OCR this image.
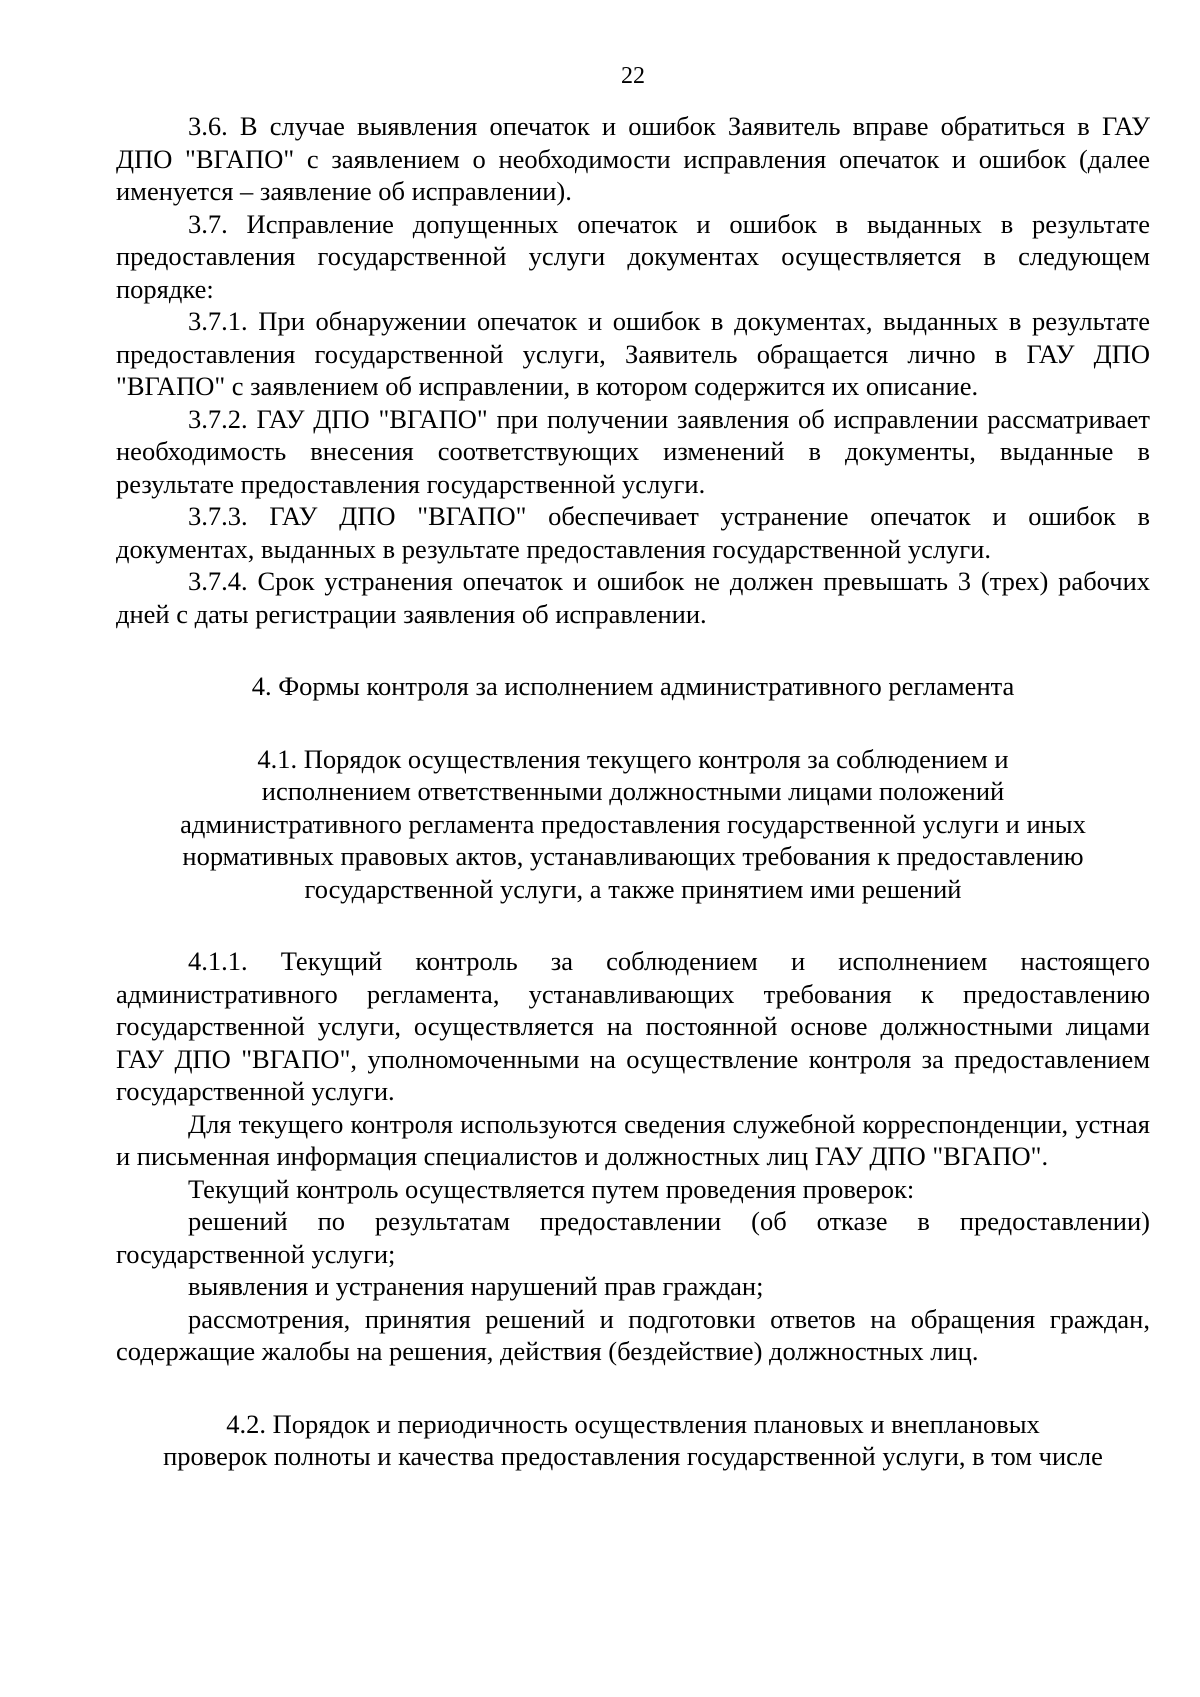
22

3.6. В случае выявления опечаток и ошибок Заявитель вправе обратиться в ГАУ ДПО "ВГАПО" с заявлением о необходимости исправления опечаток и ошибок (далее именуется – заявление об исправлении).

3.7. Исправление допущенных опечаток и ошибок в выданных в результате предоставления государственной услуги документах осуществляется в следующем порядке:

3.7.1. При обнаружении опечаток и ошибок в документах, выданных в результате предоставления государственной услуги, Заявитель обращается лично в ГАУ ДПО "ВГАПО" с заявлением об исправлении, в котором содержится их описание.

3.7.2. ГАУ ДПО "ВГАПО" при получении заявления об исправлении рассматривает необходимость внесения соответствующих изменений в документы, выданные в результате предоставления государственной услуги.

3.7.3. ГАУ ДПО "ВГАПО" обеспечивает устранение опечаток и ошибок в документах, выданных в результате предоставления государственной услуги.

3.7.4. Срок устранения опечаток и ошибок не должен превышать 3 (трех) рабочих дней с даты регистрации заявления об исправлении.

4. Формы контроля за исполнением административного регламента

4.1. Порядок осуществления текущего контроля за соблюдением и
исполнением ответственными должностными лицами положений
административного регламента предоставления государственной услуги и иных
нормативных правовых актов, устанавливающих требования к предоставлению
государственной услуги, а также принятием ими решений

4.1.1. Текущий контроль за соблюдением и исполнением настоящего административного регламента, устанавливающих требования к предоставлению государственной услуги, осуществляется на постоянной основе должностными лицами ГАУ ДПО "ВГАПО", уполномоченными на осуществление контроля за предоставлением государственной услуги.

Для текущего контроля используются сведения служебной корреспонденции, устная и письменная информация специалистов и должностных лиц ГАУ ДПО "ВГАПО".

Текущий контроль осуществляется путем проведения проверок:

решений по результатам предоставлении (об отказе в предоставлении) государственной услуги;

выявления и устранения нарушений прав граждан;

рассмотрения, принятия решений и подготовки ответов на обращения граждан, содержащие жалобы на решения, действия (бездействие) должностных лиц.

4.2. Порядок и периодичность осуществления плановых и внеплановых
проверок полноты и качества предоставления государственной услуги, в том числе
